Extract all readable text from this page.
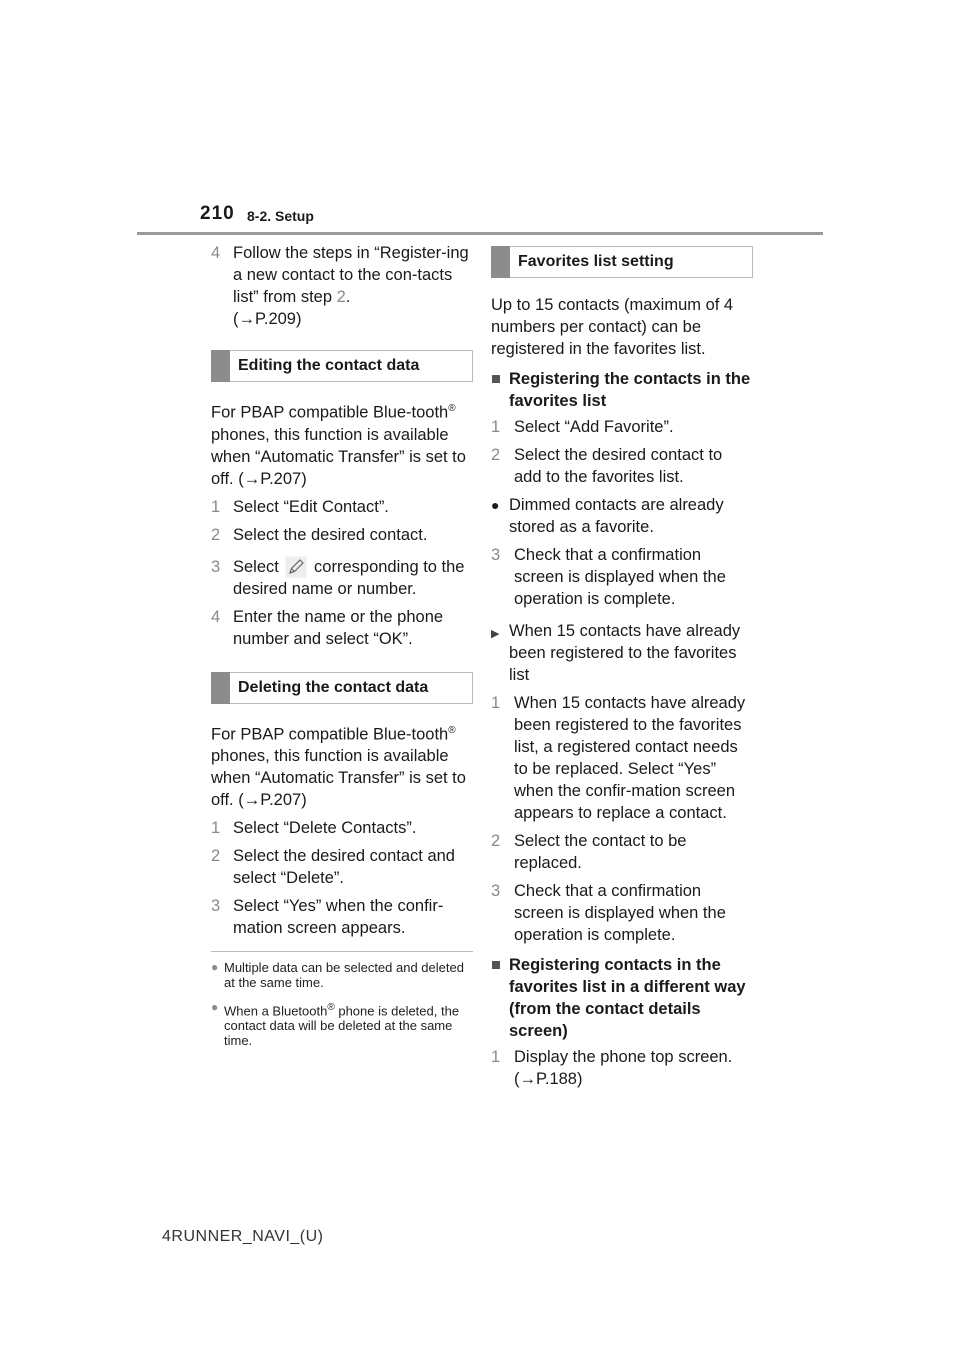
210 8-2. Setup
4 Follow the steps in “Register-ing a new contact to the con-tacts list” from step 2.
(→P.209)
Editing the contact data

For PBAP compatible Blue-tooth® phones, this function is available when “Automatic Transfer” is set to off. (→P.207)

1 Select “Edit Contact”.
2 Select the desired contact.
3 Select corresponding to the desired name or number.
4 Enter the name or the phone number and select “OK”.
Deleting the contact data

For PBAP compatible Blue-tooth® phones, this function is available when “Automatic Transfer” is set to off. (→P.207)

1 Select “Delete Contacts”.
2 Select the desired contact and select “Delete”.
3 Select “Yes” when the confir-mation screen appears.
● Multiple data can be selected and deleted at the same time.
● When a Bluetooth® phone is deleted, the contact data will be deleted at the same time.
Favorites list setting

Up to 15 contacts (maximum of 4 numbers per contact) can be registered in the favorites list.

■ Registering the contacts in the favorites list
1 Select “Add Favorite”.
2 Select the desired contact to add to the favorites list.
● Dimmed contacts are already stored as a favorite.
3 Check that a confirmation screen is displayed when the operation is complete.
▶ When 15 contacts have already been registered to the favorites list
1 When 15 contacts have already been registered to the favorites list, a registered contact needs to be replaced. Select “Yes” when the confir-mation screen appears to replace a contact.
2 Select the contact to be replaced.
3 Check that a confirmation screen is displayed when the operation is complete.
■ Registering contacts in the favorites list in a different way (from the contact details screen)
1 Display the phone top screen. (→P.188)
4RUNNER_NAVI_(U)
